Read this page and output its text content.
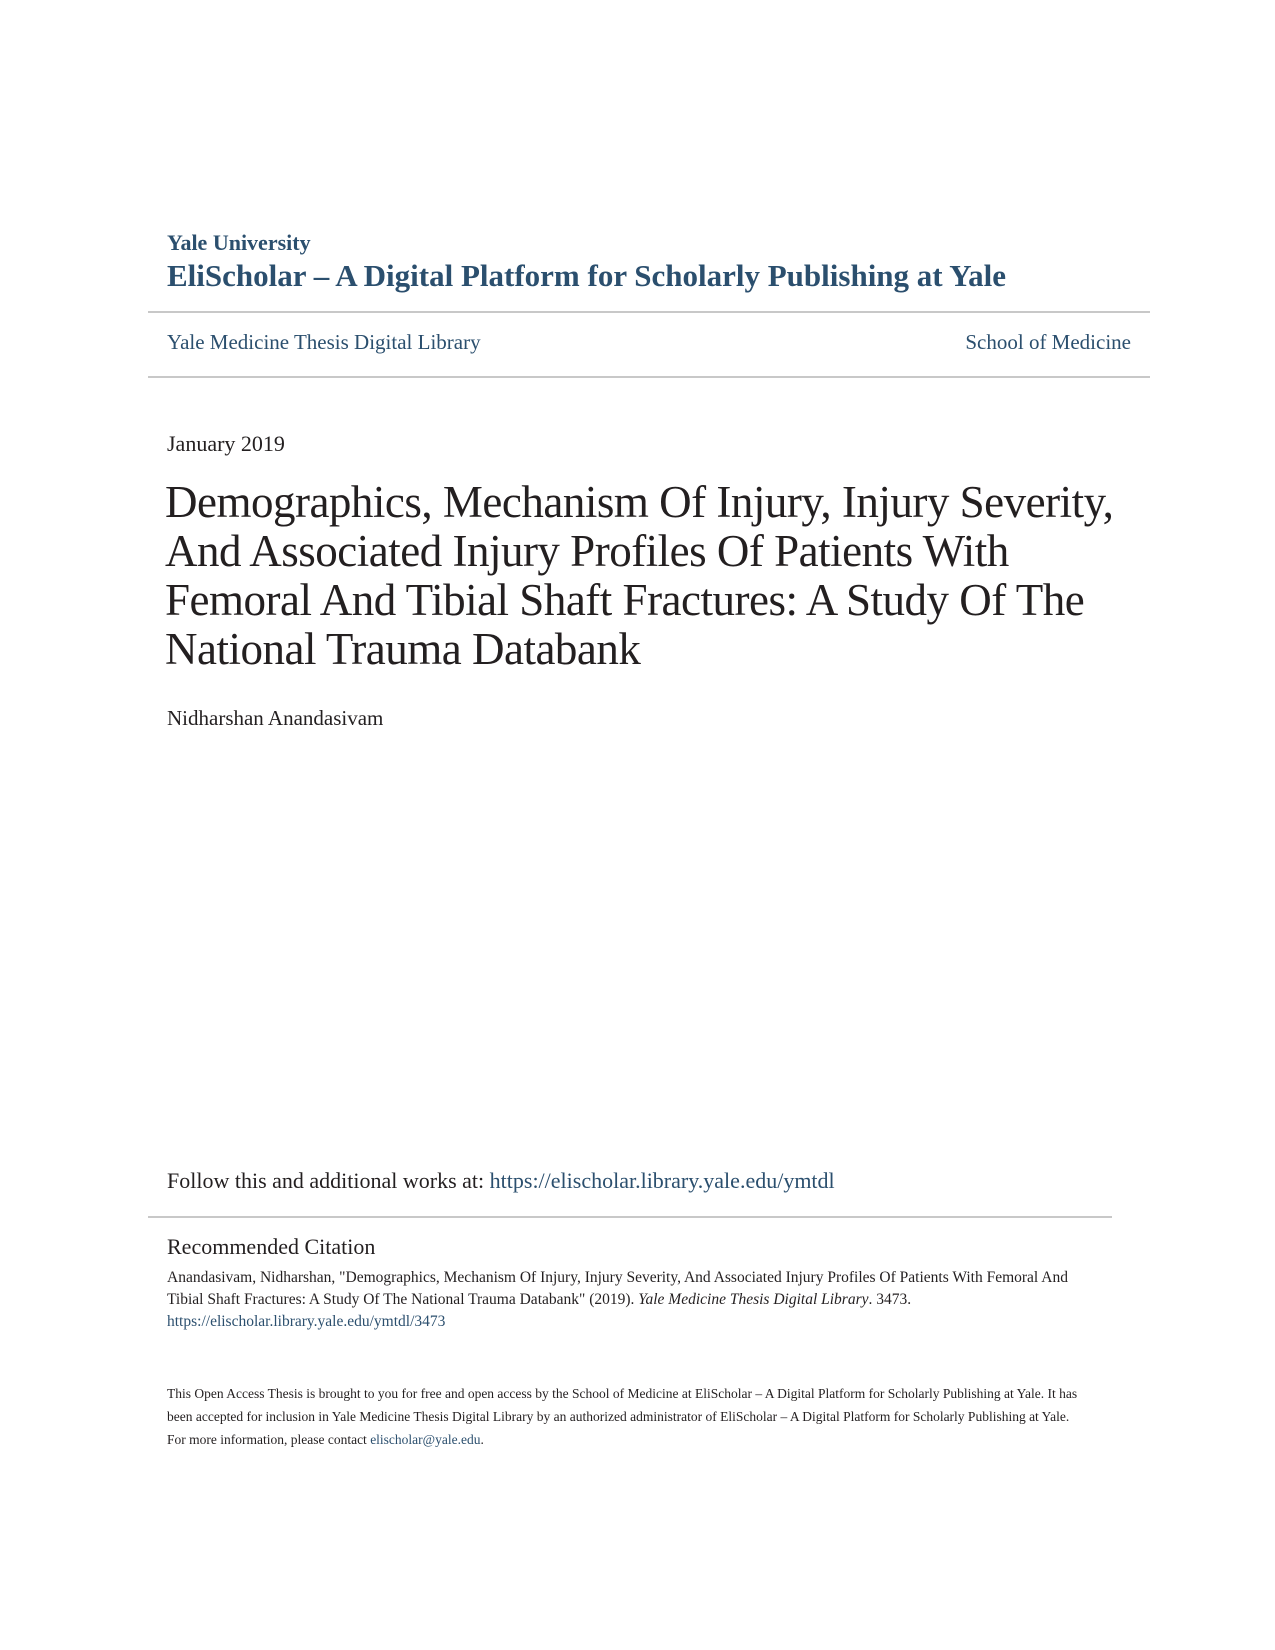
Yale University
EliScholar – A Digital Platform for Scholarly Publishing at Yale
Yale Medicine Thesis Digital Library	School of Medicine
January 2019
Demographics, Mechanism Of Injury, Injury Severity, And Associated Injury Profiles Of Patients With Femoral And Tibial Shaft Fractures: A Study Of The National Trauma Databank
Nidharshan Anandasivam
Follow this and additional works at: https://elischolar.library.yale.edu/ymtdl
Recommended Citation
Anandasivam, Nidharshan, "Demographics, Mechanism Of Injury, Injury Severity, And Associated Injury Profiles Of Patients With Femoral And Tibial Shaft Fractures: A Study Of The National Trauma Databank" (2019). Yale Medicine Thesis Digital Library. 3473.
https://elischolar.library.yale.edu/ymtdl/3473
This Open Access Thesis is brought to you for free and open access by the School of Medicine at EliScholar – A Digital Platform for Scholarly Publishing at Yale. It has been accepted for inclusion in Yale Medicine Thesis Digital Library by an authorized administrator of EliScholar – A Digital Platform for Scholarly Publishing at Yale. For more information, please contact elischolar@yale.edu.
